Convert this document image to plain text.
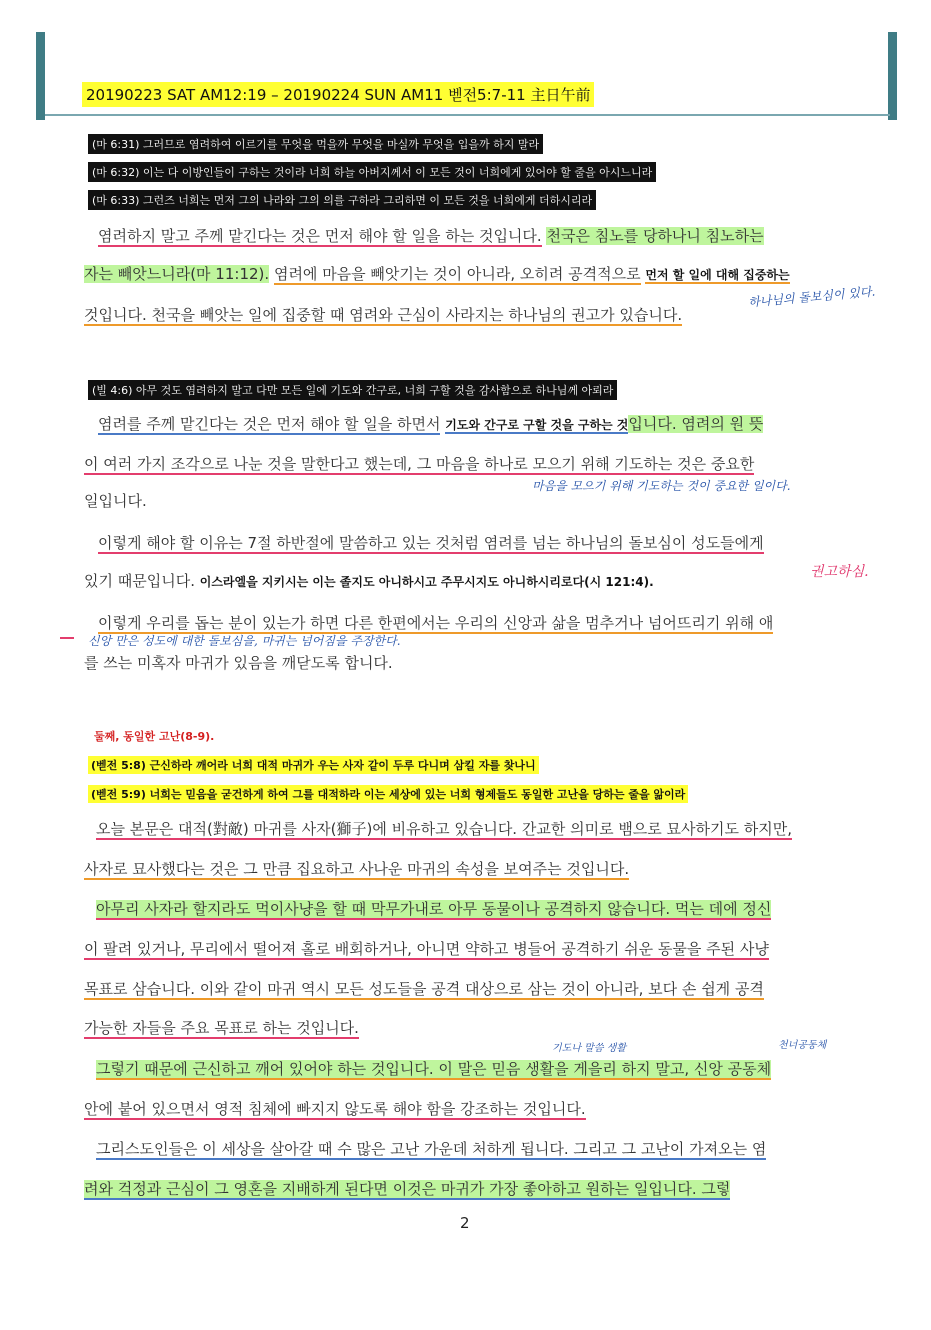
20190223 SAT AM12:19 – 20190224 SUN AM11 벧전5:7-11 主日午前
(마 6:31) 그러므로 염려하여 이르기를 무엇을 먹을까 무엇을 마실까 무엇을 입을까 하지 말라
(마 6:32) 이는 다 이방인들이 구하는 것이라 너희 하늘 아버지께서 이 모든 것이 너희에게 있어야 할 줄을 아시느니라
(마 6:33) 그런즈 너희는 먼저 그의 나라와 그의 의를 구하라 그리하면 이 모든 것을 너희에게 더하시리라
염려하지 말고 주께 맡긴다는 것은 먼저 해야 할 일을 하는 것입니다. 천국은 침노를 당하나니 침노하는
자는 빼앗느니라(마 11:12). 염려에 마음을 빼앗기는 것이 아니라, 오히려 공격적으로 먼저 할 일에 대해 집중하는
것입니다. 천국을 빼앗는 일에 집중할 때 염려와 근심이 사라지는 하나님의 권고가 있습니다.
하나님의 돌보심이 있다.
(빌 4:6) 아무 것도 염려하지 말고 다만 모든 일에 기도와 간구로, 너희 구할 것을 감사함으로 하나님께 아뢰라
염려를 주께 맡긴다는 것은 먼저 해야 할 일을 하면서 기도와 간구로 구할 것을 구하는 것입니다. 염려의 원 뜻
이 여러 가지 조각으로 나눈 것을 말한다고 했는데, 그 마음을 하나로 모으기 위해 기도하는 것은 중요한
마음을 모으기 위해 기도하는 것이 중요한 일이다.
일입니다.
이렇게 해야 할 이유는 7절 하반절에 말씀하고 있는 것처럼 염려를 넘는 하나님의 돌보심이 성도들에게
있기 때문입니다. 이스라엘을 지키시는 이는 졸지도 아니하시고 주무시지도 아니하시리로다(시 121:4).
권고하심.
이렇게 우리를 돕는 분이 있는가 하면 다른 한편에서는 우리의 신앙과 삶을 멈추거나 넘어뜨리기 위해 애
신앙 만은 성도에 대한 돌보심을, 마귀는 넘어짐을 주장한다.
를 쓰는 미혹자 마귀가 있음을 깨닫도록 합니다.
둘째, 동일한 고난(8-9).
(벧전 5:8) 근신하라 깨어라 너희 대적 마귀가 우는 사자 같이 두루 다니며 삼킬 자를 찾나니
(벧전 5:9) 너희는 믿음을 굳건하게 하여 그를 대적하라 이는 세상에 있는 너희 형제들도 동일한 고난을 당하는 줄을 앎이라
오늘 본문은 대적(對敵) 마귀를 사자(獅子)에 비유하고 있습니다. 간교한 의미로 뱀으로 묘사하기도 하지만,
사자로 묘사했다는 것은 그 만큼 집요하고 사나운 마귀의 속성을 보여주는 것입니다.
아무리 사자라 할지라도 먹이사냥을 할 때 막무가내로 아무 동물이나 공격하지 않습니다. 먹는 데에 정신
이 팔려 있거나, 무리에서 떨어져 홀로 배회하거나, 아니면 약하고 병들어 공격하기 쉬운 동물을 주된 사냥
목표로 삼습니다. 이와 같이 마귀 역시 모든 성도들을 공격 대상으로 삼는 것이 아니라, 보다 손 쉽게 공격
가능한 자들을 주요 목표로 하는 것입니다.
기도나 말씀 생활	천너공동체
그렇기 때문에 근신하고 깨어 있어야 하는 것입니다. 이 말은 믿음 생활을 게을리 하지 말고, 신앙 공동체
안에 붙어 있으면서 영적 침체에 빠지지 않도록 해야 함을 강조하는 것입니다.
그리스도인들은 이 세상을 살아갈 때 수 많은 고난 가운데 처하게 됩니다. 그리고 그 고난이 가져오는 염
려와 걱정과 근심이 그 영혼을 지배하게 된다면 이것은 마귀가 가장 좋아하고 원하는 일입니다. 그렇
2
